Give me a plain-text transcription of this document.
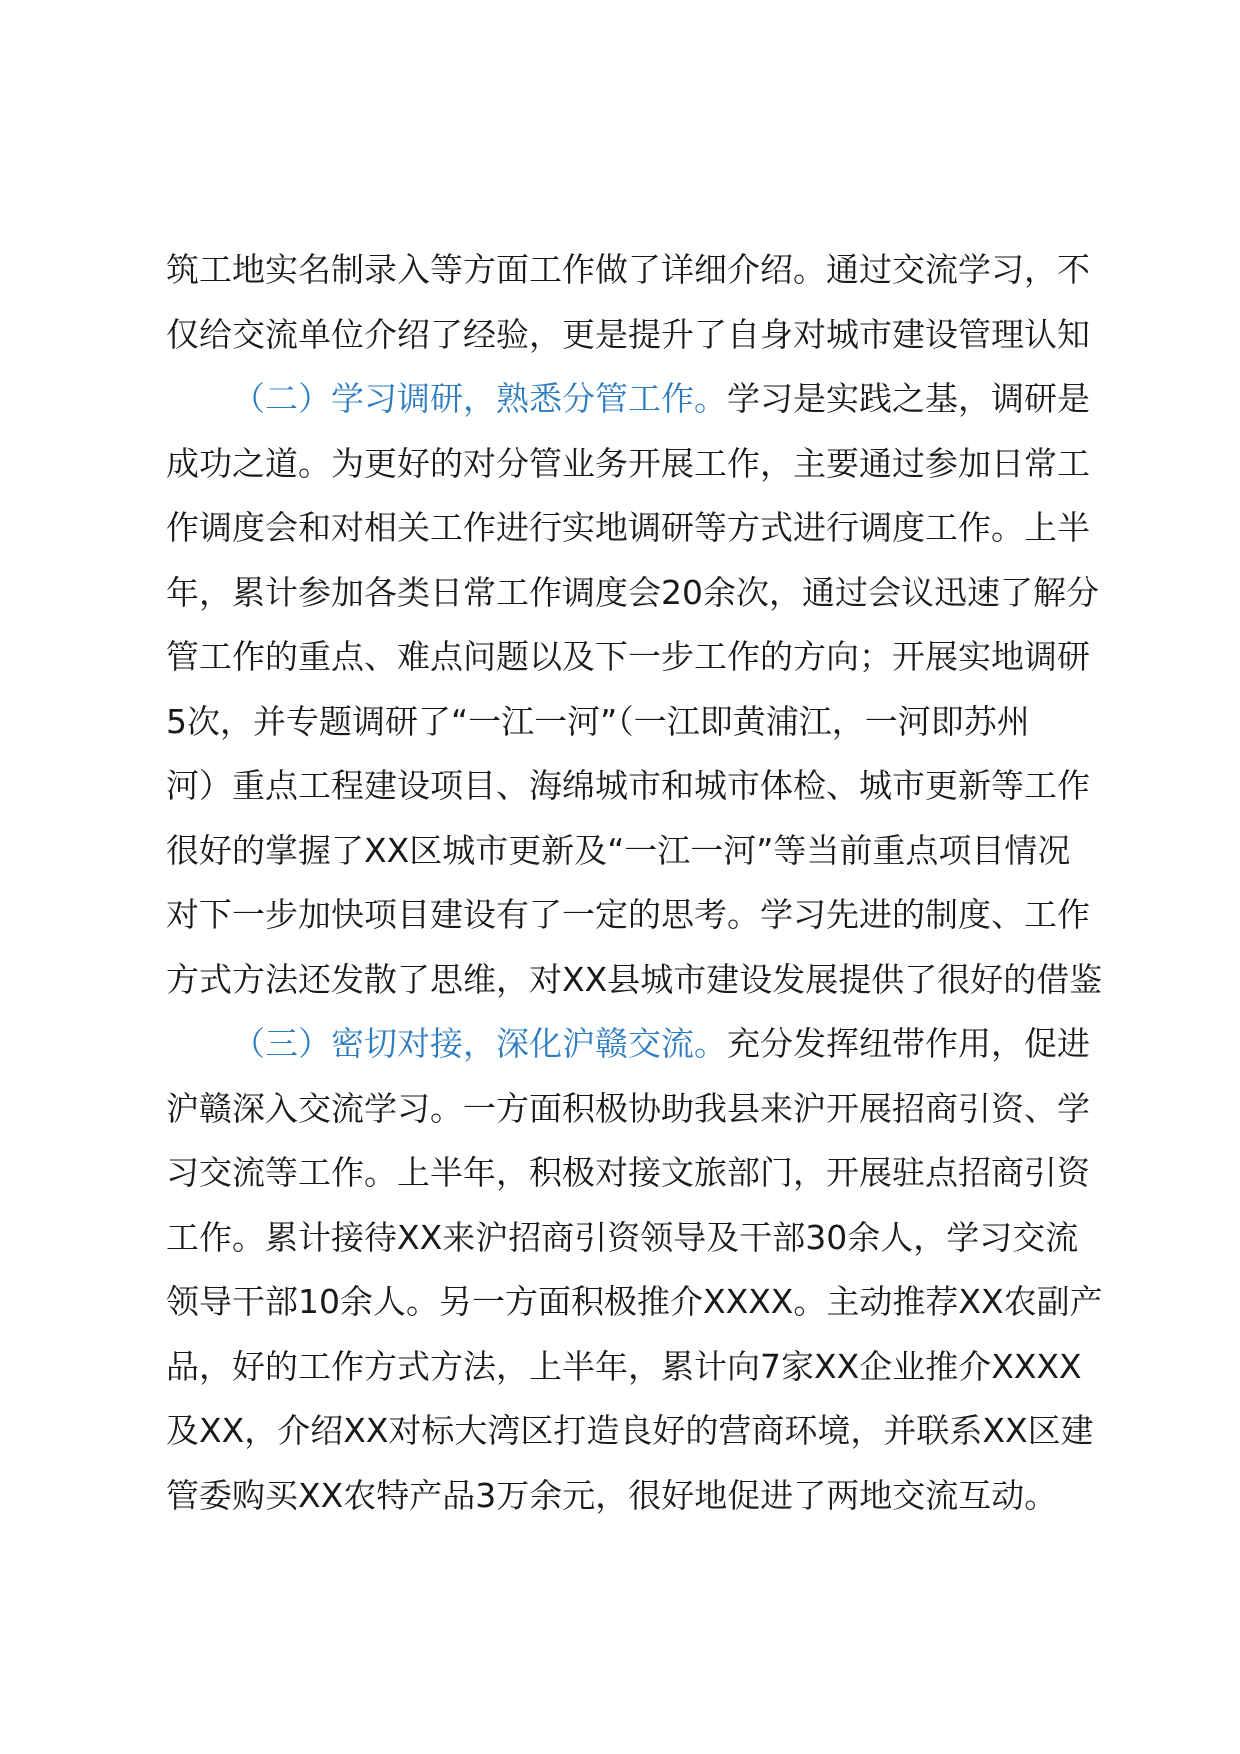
筑工地实名制录入等方面工作做了详细介绍。通过交流学习，不
仅给交流单位介绍了经验，更是提升了自身对城市建设管理认知
（二）学习调研，熟悉分管工作。学习是实践之基，调研是
成功之道。为更好的对分管业务开展工作，主要通过参加日常工
作调度会和对相关工作进行实地调研等方式进行调度工作。上半
年，累计参加各类日常工作调度会20余次，通过会议迅速了解分
管工作的重点、难点问题以及下一步工作的方向；开展实地调研
5次，并专题调研了“一江一河”（一江即黄浦江，一河即苏州
河）重点工程建设项目、海绵城市和城市体检、城市更新等工作
很好的掌握了XX区城市更新及“一江一河”等当前重点项目情况
对下一步加快项目建设有了一定的思考。学习先进的制度、工作
方式方法还发散了思维，对XX县城市建设发展提供了很好的借鉴
（三）密切对接，深化沪赣交流。充分发挥纽带作用，促进
沪赣深入交流学习。一方面积极协助我县来沪开展招商引资、学
习交流等工作。上半年，积极对接文旅部门，开展驻点招商引资
工作。累计接待XX来沪招商引资领导及干部30余人，学习交流
领导干部10余人。另一方面积极推介XXXX。主动推荐XX农副产
品，好的工作方式方法，上半年，累计向7家XX企业推介XXXX
及XX，介绍XX对标大湾区打造良好的营商环境，并联系XX区建
管委购买XX农特产品3万余元，很好地促进了两地交流互动。
